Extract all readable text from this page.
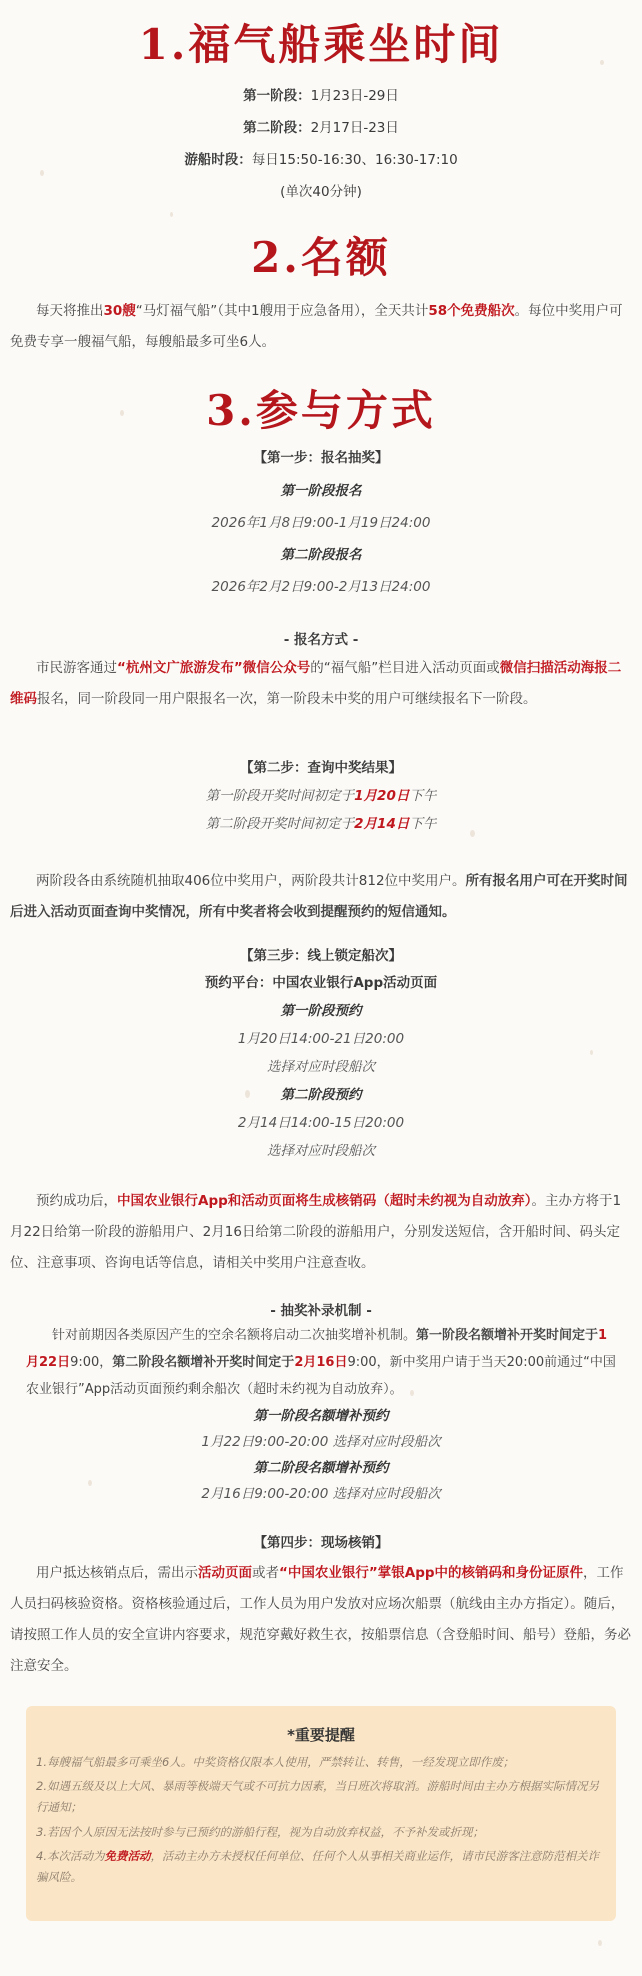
1.福气船乘坐时间
第一阶段：1月23日-29日
第二阶段：2月17日-23日
游船时段：每日15:50-16:30、16:30-17:10
(单次40分钟)
2.名额
每天将推出30艘“马灯福气船”（其中1艘用于应急备用），全天共计58个免费船次。每位中奖用户可免费专享一艘福气船，每艘船最多可坐6人。
3.参与方式
【第一步：报名抽奖】
第一阶段报名
2026年1月8日9:00-1月19日24:00
第二阶段报名
2026年2月2日9:00-2月13日24:00
- 报名方式 -
市民游客通过“杭州文广旅游发布”微信公众号的“福气船”栏目进入活动页面或微信扫描活动海报二维码报名，同一阶段同一用户限报名一次，第一阶段未中奖的用户可继续报名下一阶段。
【第二步：查询中奖结果】
第一阶段开奖时间初定于1月20日下午
第二阶段开奖时间初定于2月14日下午
两阶段各由系统随机抽取406位中奖用户，两阶段共计812位中奖用户。所有报名用户可在开奖时间后进入活动页面查询中奖情况，所有中奖者将会收到提醒预约的短信通知。
【第三步：线上锁定船次】
预约平台：中国农业银行App活动页面
第一阶段预约
1月20日14:00-21日20:00
选择对应时段船次
第二阶段预约
2月14日14:00-15日20:00
选择对应时段船次
预约成功后，中国农业银行App和活动页面将生成核销码（超时未约视为自动放弃）。主办方将于1月22日给第一阶段的游船用户、2月16日给第二阶段的游船用户，分别发送短信，含开船时间、码头定位、注意事项、咨询电话等信息，请相关中奖用户注意查收。
- 抽奖补录机制 -
针对前期因各类原因产生的空余名额将启动二次抽奖增补机制。第一阶段名额增补开奖时间定于1月22日9:00，第二阶段名额增补开奖时间定于2月16日9:00，新中奖用户请于当天20:00前通过“中国农业银行”App活动页面预约剩余船次（超时未约视为自动放弃）。
第一阶段名额增补预约
1月22日9:00-20:00 选择对应时段船次
第二阶段名额增补预约
2月16日9:00-20:00 选择对应时段船次
【第四步：现场核销】
用户抵达核销点后，需出示活动页面或者“中国农业银行”掌银App中的核销码和身份证原件，工作人员扫码核验资格。资格核验通过后，工作人员为用户发放对应场次船票（航线由主办方指定）。随后，请按照工作人员的安全宣讲内容要求，规范穿戴好救生衣，按船票信息（含登船时间、船号）登船，务必注意安全。
*重要提醒
1.每艘福气船最多可乘坐6人。中奖资格仅限本人使用，严禁转让、转售，一经发现立即作废；
2.如遇五级及以上大风、暴雨等极端天气或不可抗力因素，当日班次将取消。游船时间由主办方根据实际情况另行通知；
3.若因个人原因无法按时参与已预约的游船行程，视为自动放弃权益，不予补发或折现；
4.本次活动为免费活动，活动主办方未授权任何单位、任何个人从事相关商业运作，请市民游客注意防范相关诈骗风险。
